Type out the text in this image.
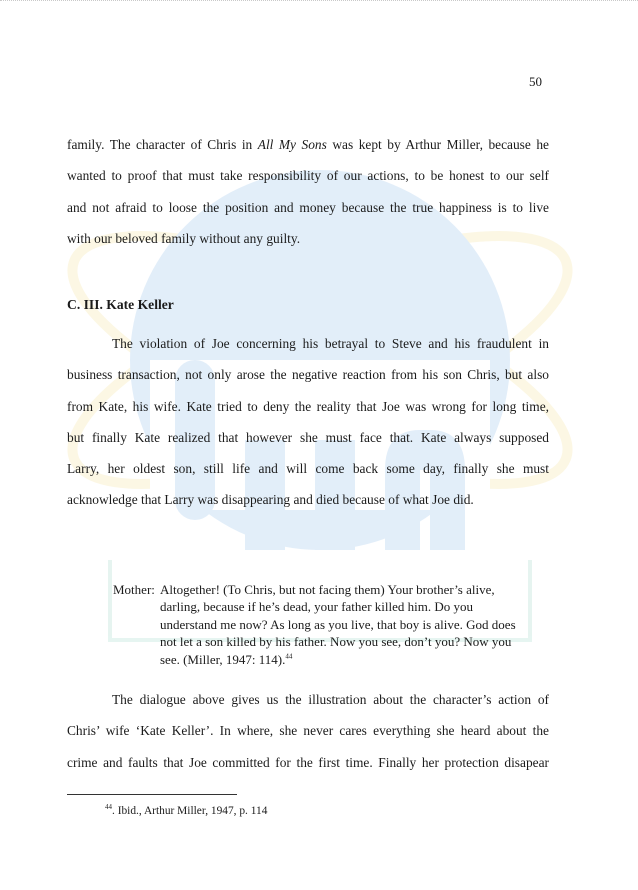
50
family. The character of Chris in All My Sons was kept by Arthur Miller, because he
wanted to proof that must take responsibility of our actions, to be honest to our self
and not afraid to loose the position and money because the true happiness is to live
with our beloved family without any guilty.
C. III. Kate Keller
The violation of Joe concerning his betrayal to Steve and his fraudulent in
business transaction, not only arose the negative reaction from his son Chris, but also
from Kate, his wife. Kate tried to deny the reality that Joe was wrong for long time,
but finally Kate realized that however she must face that. Kate always supposed
Larry, her oldest son, still life and will come back some day, finally she must
acknowledge that Larry was disappearing and died because of what Joe did.
Mother: Altogether! (To Chris, but not facing them) Your brother’s alive,
darling, because if he’s dead, your father killed him. Do you
understand me now? As long as you live, that boy is alive. God does
not let a son killed by his father. Now you see, don’t you? Now you
see. (Miller, 1947: 114).$^{44}$
The dialogue above gives us the illustration about the character’s action of
Chris’ wife ‘Kate Keller’. In where, she never cares everything she heard about the
crime and faults that Joe committed for the first time. Finally her protection disapear
$^{44}$. Ibid., Arthur Miller, 1947, p. 114
